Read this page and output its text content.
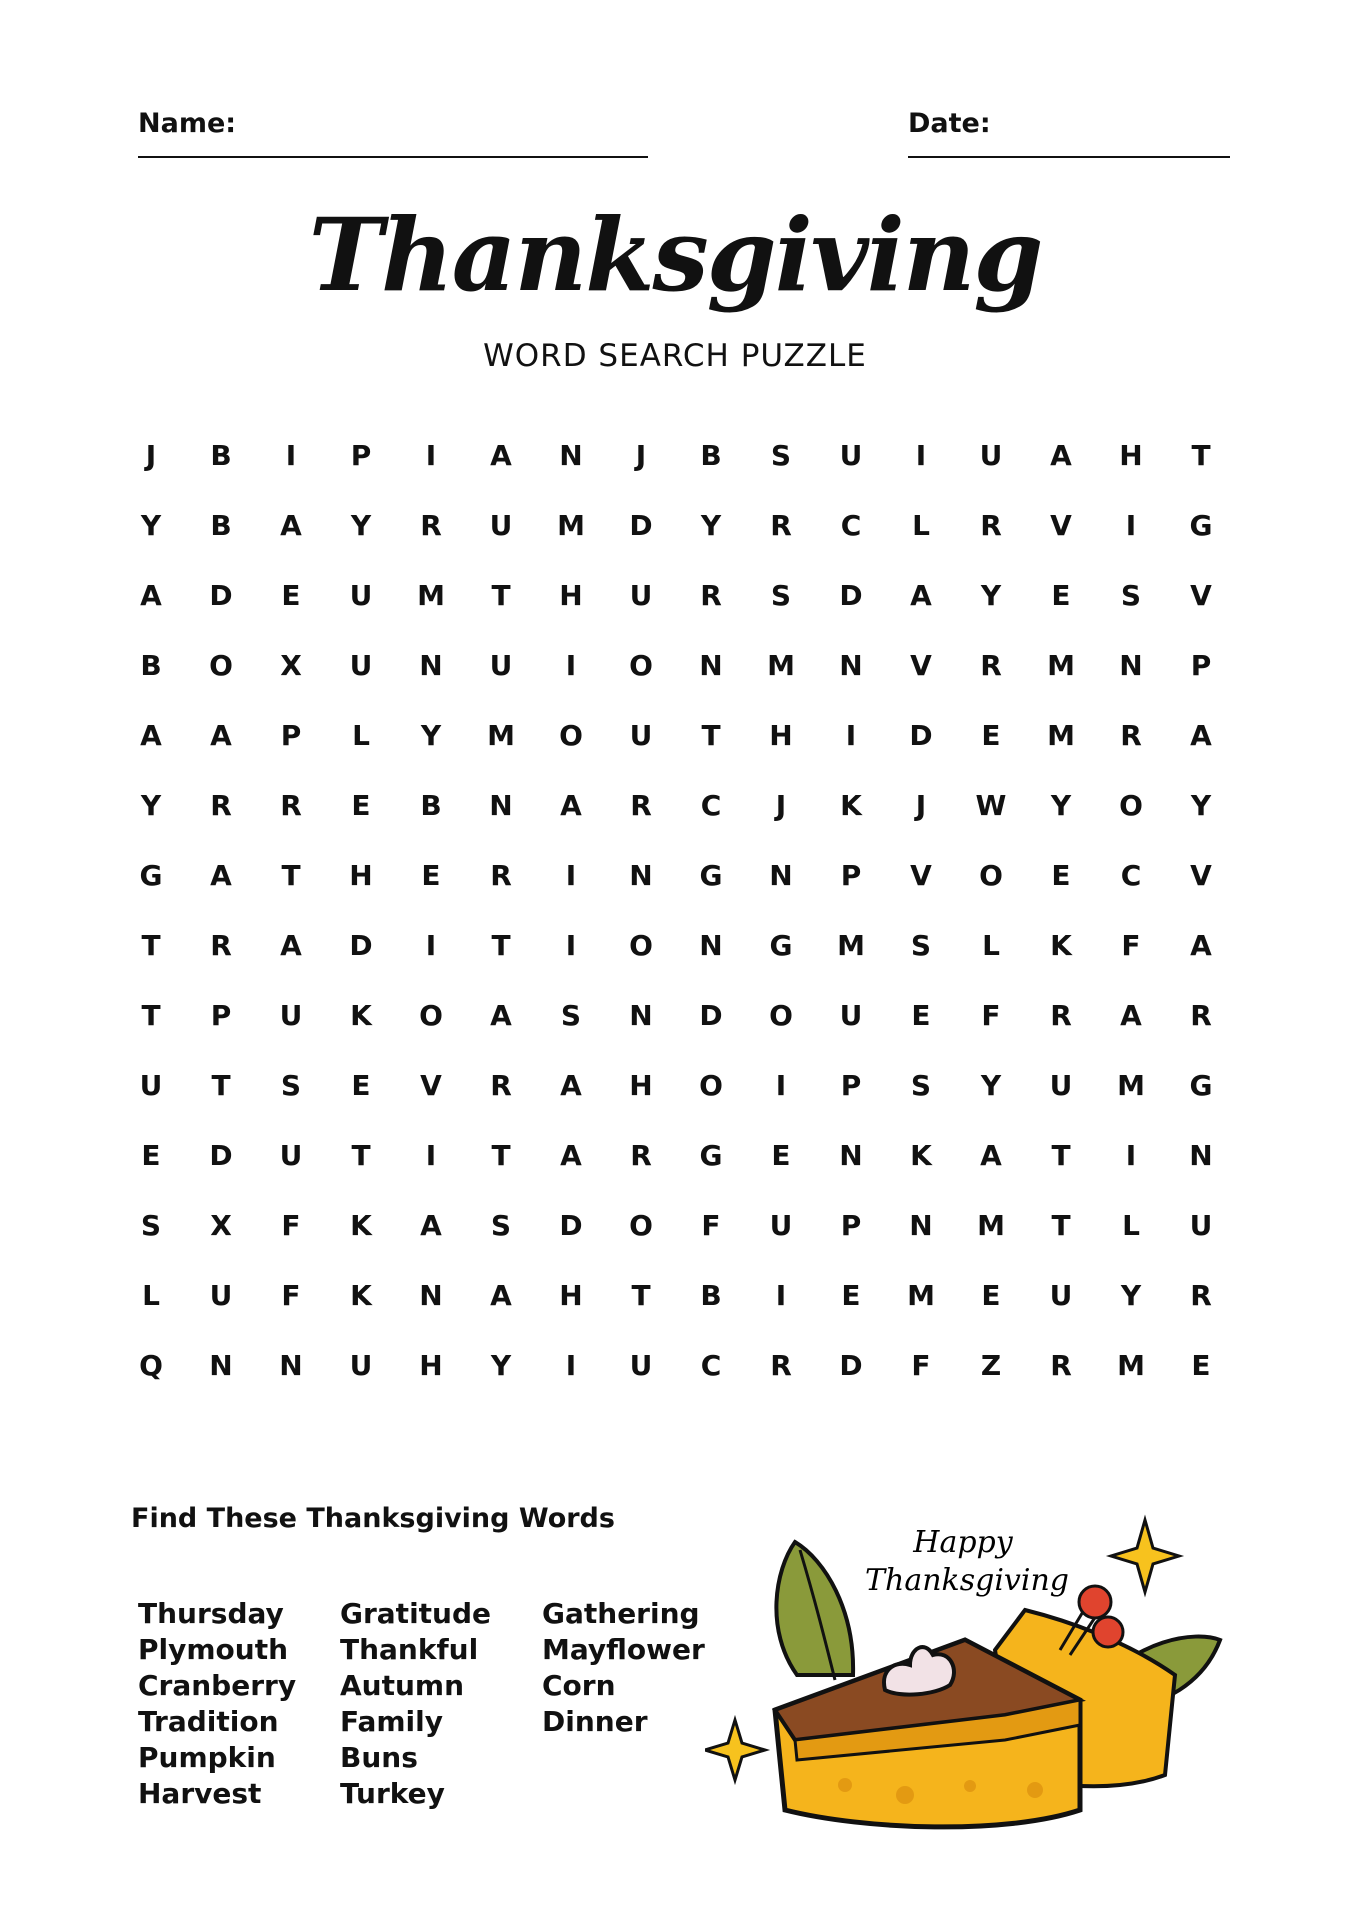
Name:	Date:
Thanksgiving
WORD SEARCH PUZZLE
J	B	I	P	I	A	N	J	B	S	U	I	U	A	H	T
Y	B	A	Y	R	U	M	D	Y	R	C	L	R	V	I	G
A	D	E	U	M	T	H	U	R	S	D	A	Y	E	S	V
B	O	X	U	N	U	I	O	N	M	N	V	R	M	N	P
A	A	P	L	Y	M	O	U	T	H	I	D	E	M	R	A
Y	R	R	E	B	N	A	R	C	J	K	J	W	Y	O	Y
G	A	T	H	E	R	I	N	G	N	P	V	O	E	C	V
T	R	A	D	I	T	I	O	N	G	M	S	L	K	F	A
T	P	U	K	O	A	S	N	D	O	U	E	F	R	A	R
U	T	S	E	V	R	A	H	O	I	P	S	Y	U	M	G
E	D	U	T	I	T	A	R	G	E	N	K	A	T	I	N
S	X	F	K	A	S	D	O	F	U	P	N	M	T	L	U
L	U	F	K	N	A	H	T	B	I	E	M	E	U	Y	R
Q	N	N	U	H	Y	I	U	C	R	D	F	Z	R	M	E
Find These Thanksgiving Words
Thursday
Plymouth
Cranberry
Tradition
Pumpkin
Harvest
Gratitude
Thankful
Autumn
Family
Buns
Turkey
Gathering
Mayflower
Corn
Dinner
Happy
Thanksgiving
